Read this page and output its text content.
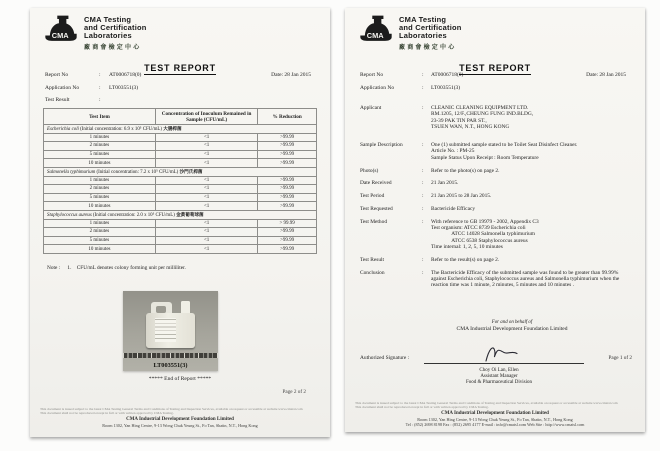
CMA
CMA Testing
and Certification
Laboratories
廠商會檢定中心
TEST REPORT
Report No	:	AT0006718(0)	Date: 28 Jan 2015
Application No	:	LT003551(3)
Test Result	:
Test Item	Concentration of Inoculum Remained in Sample (CFU/mL)	% Reduction
Escherichia coli (Initial concentration: 6.9 x 10⁵ CFU/mL) 大腸桿菌		
1 minutes	<1	>99.99
2 minutes	<1	>99.99
5 minutes	<1	>99.99
10 minutes	<1	>99.99
Salmonella typhimurium (Initial concentration: 7.2 x 10⁵ CFU/mL) 沙門氏桿菌		
1 minutes	<1	>99.99
2 minutes	<1	>99.99
5 minutes	<1	>99.99
10 minutes	<1	>99.99
Staphylococcus aureus (Initial concentration: 2.0 x 10⁵ CFU/mL) 金黃葡萄球菌		
1 minutes	<1	> 99.99
2 minutes	<1	>99.99
5 minutes	<1	>99.99
10 minutes	<1	>99.99
Note : 1. CFU/mL denotes colony forming unit per milliliter.
LT003551(3)
***** End of Report *****
Page 2 of 2
This document is issued subject to the latest CMA Testing General Terms and Conditions of Testing and Inspection Services, available on request or accessible at website www.cmatsl.com
This document shall not be reproduced except in full or with written approval by CMA Testing.
CMA Industrial Development Foundation Limited
Room 1302, Yan Hing Centre, 9-13 Wong Chuk Yeung St., Fo Tan, Shatin, N.T., Hong Kong
CMA
CMA Testing
and Certification
Laboratories
廠商會檢定中心
TEST REPORT
Report No	:	AT0006718(0)	Date: 28 Jan 2015
Application No	:	LT003551(3)
Applicant	:	CLEANIC CLEANING EQUIPMENT LTD.
RM.1205, 12/F.,CHEUNG FUNG IND.BLDG,
23-39 PAK TIN PAR ST.,
TSUEN WAN, N.T., HONG KONG
Sample Description	:	One (1) submitted sample stated to be Toilet Seat Disinfect Cleaner.
Article No. : PM-25
Sample Status Upon Receipt : Room Temperature
Photo(s)	:	Refer to the photo(s) on page 2.
Date Received	:	21 Jan 2015.
Test Period	:	21 Jan 2015 to 28 Jan 2015.
Test Requested	:	Bactericide Efficacy
Test Method	:	With reference to GB 19979 - 2002, Appendix C3
Test organism: ATCC 8739 Escherichia coli
ATCC 14028 Salmonella typhimurium
ATCC 6538 Staphylococcus aureus
Time internal: 1, 2, 5, 10 minutes
Test Result	:	Refer to the result(s) on page 2.
Conclusion	:	The Bactericide Efficacy of the submitted sample was found to be greater than 99.99% against Escherichia coli, Staphylococcus aureus and Salmonella typhimurium when the reaction time was 1 minute, 2 minutes, 5 minutes and 10 minutes .
For and on behalf of
CMA Industrial Development Foundation Limited
Authorized Signature :	Page 1 of 2
Choy Oi Lan, Ellen
Assistant Manager
Food & Pharmaceutical Division
This document is issued subject to the latest CMA Testing General Terms and Conditions of Testing and Inspection Services, available on request or accessible at website www.cmatsl.com
This document shall not be reproduced except in full or with written approval by CMA Testing.
CMA Industrial Development Foundation Limited
Room 1302, Yan Hing Centre, 9-13 Wong Chuk Yeung St., Fo Tan, Shatin, N.T., Hong Kong
Tel : (852) 2698 8198 Fax : (852) 2695 4177 E-mail : info@cmatsl.com Web Site : http://www.cmatsl.com
